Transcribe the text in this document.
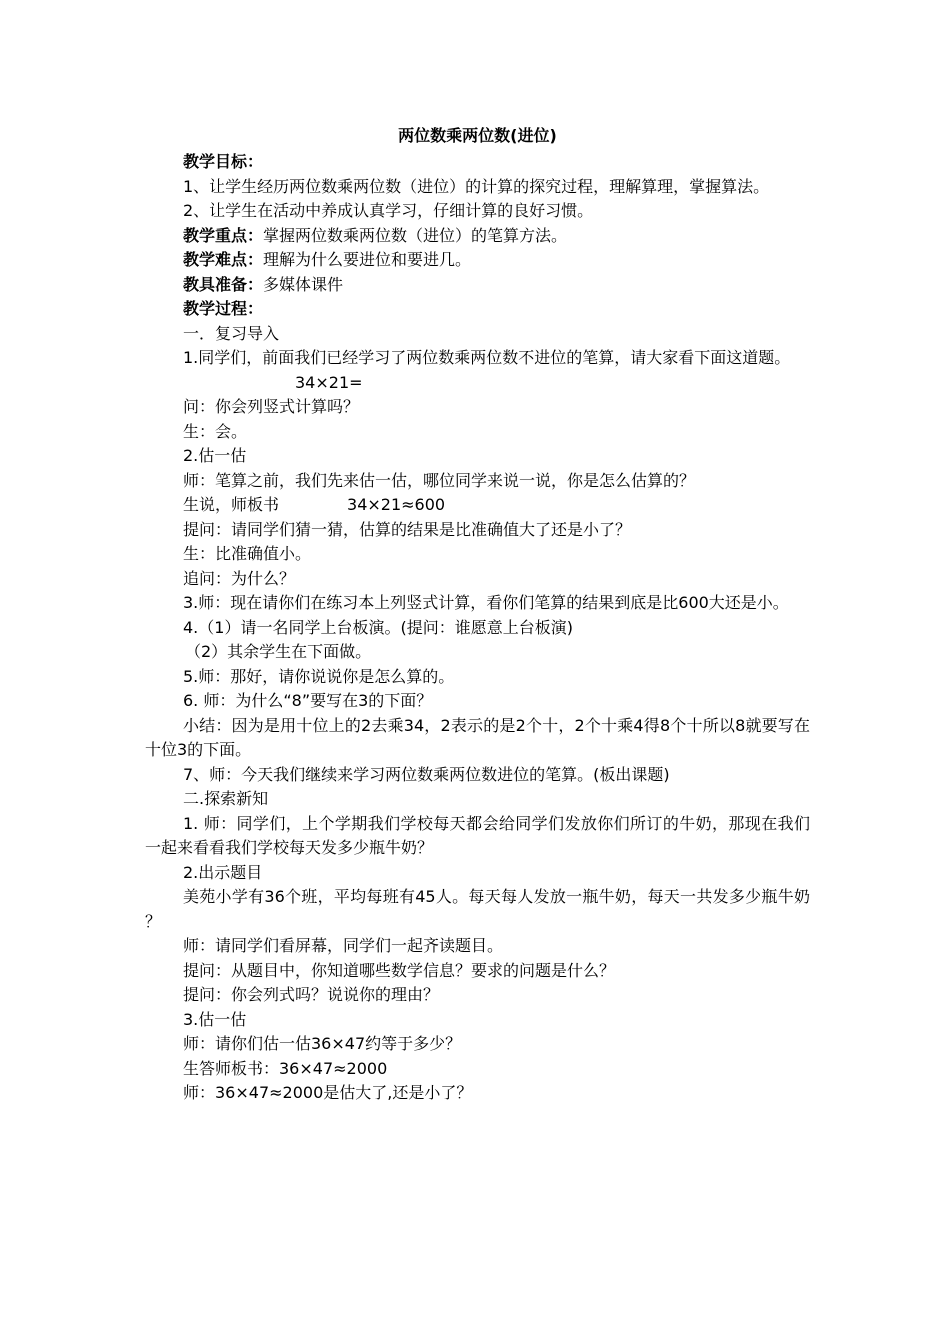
两位数乘两位数(进位)

教学目标：

1、让学生经历两位数乘两位数（进位）的计算的探究过程，理解算理，掌握算法。

2、让学生在活动中养成认真学习，仔细计算的良好习惯。

教学重点：掌握两位数乘两位数（进位）的笔算方法。

教学难点：理解为什么要进位和要进几。

教具准备：多媒体课件

教学过程：

一．复习导入

1.同学们，前面我们已经学习了两位数乘两位数不进位的笔算，请大家看下面这道题。

34×21=

问：你会列竖式计算吗？

生：会。

2.估一估

师：笔算之前，我们先来估一估，哪位同学来说一说，你是怎么估算的？

生说，师板书	34×21≈600

提问：请同学们猜一猜，估算的结果是比准确值大了还是小了？

生：比准确值小。

追问：为什么？

3.师：现在请你们在练习本上列竖式计算，看你们笔算的结果到底是比600大还是小。

4.（1）请一名同学上台板演。(提问：谁愿意上台板演)

（2）其余学生在下面做。

5.师：那好，请你说说你是怎么算的。

6. 师：为什么“8”要写在3的下面？

小结：因为是用十位上的2去乘34，2表示的是2个十，2个十乘4得8个十所以8就要写在十位3的下面。

7、师：今天我们继续来学习两位数乘两位数进位的笔算。(板出课题)

二.探索新知

1. 师：同学们，上个学期我们学校每天都会给同学们发放你们所订的牛奶，那现在我们一起来看看我们学校每天发多少瓶牛奶？

2.出示题目

美苑小学有36个班，平均每班有45人。每天每人发放一瓶牛奶，每天一共发多少瓶牛奶？

师：请同学们看屏幕，同学们一起齐读题目。

提问：从题目中，你知道哪些数学信息？要求的问题是什么？

提问：你会列式吗？说说你的理由？

3.估一估

师：请你们估一估36×47约等于多少？

生答师板书：36×47≈2000

师：36×47≈2000是估大了,还是小了？
